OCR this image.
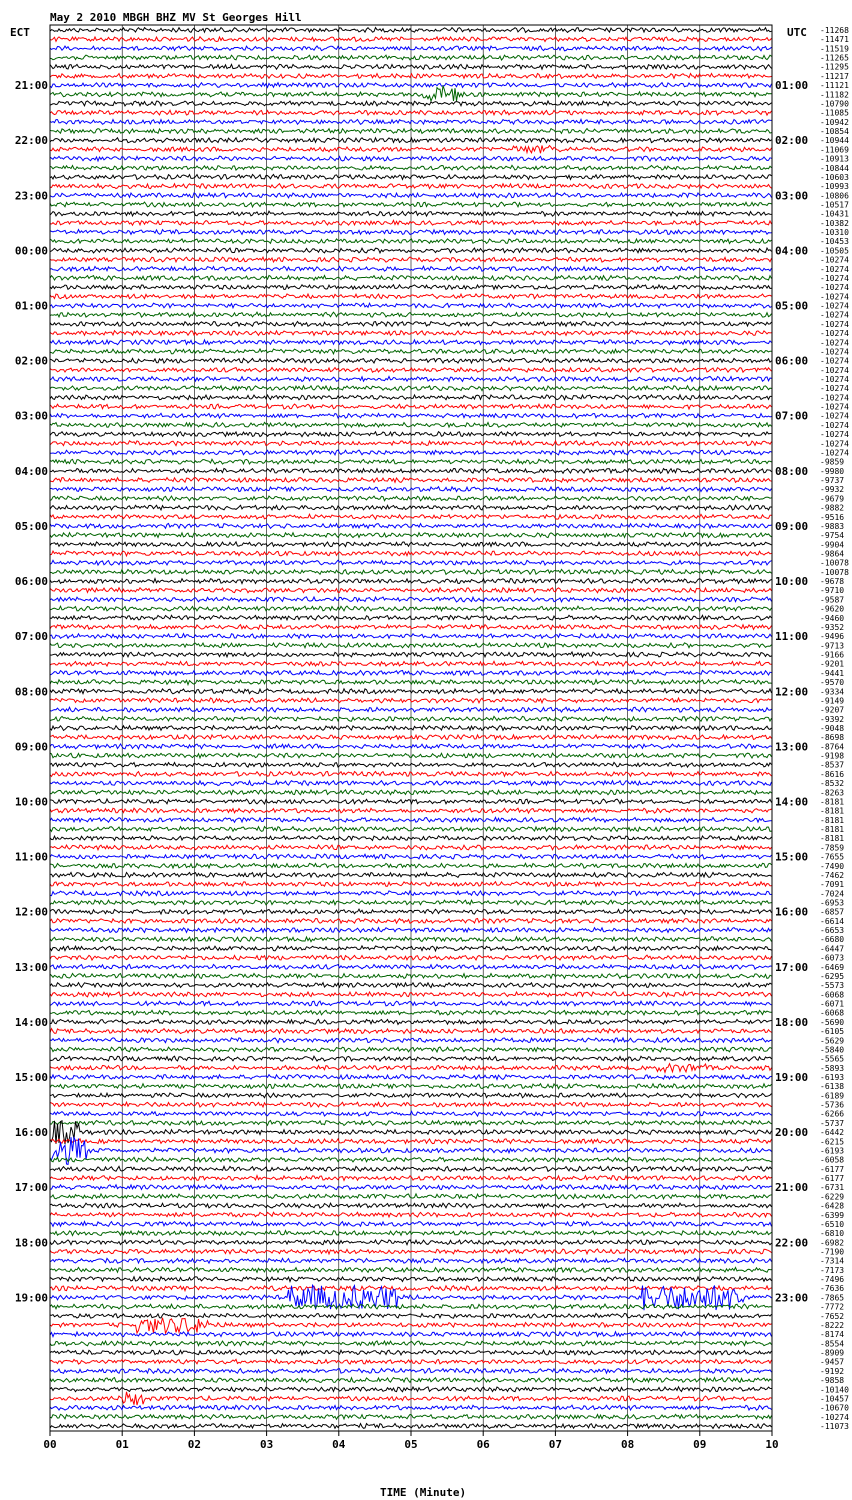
May 2 2010 MBGH BHZ MV St Georges Hill
ECT	UTC
TIME (Minute)
00	01	02	03	04	05	06	07	08	09	10
21:00
22:00
23:00
00:00
01:00
02:00
03:00
04:00
05:00
06:00
07:00
08:00
09:00
10:00
11:00
12:00
13:00
14:00
15:00
16:00
17:00
18:00
19:00
01:00
02:00
03:00
04:00
05:00
06:00
07:00
08:00
09:00
10:00
11:00
12:00
13:00
14:00
15:00
16:00
17:00
18:00
19:00
20:00
21:00
22:00
23:00
-11268
-11471
-11519
-11265
-11295
-11217
-11121
-11182
-10790
-11085
-10942
-10854
-10944
-11069
-10913
-10844
-10603
-10993
-10806
-10517
-10431
-10382
-10310
-10453
-10505
-10274
-10274
-10274
-10274
-10274
-10274
-10274
-10274
-10274
-10274
-10274
-10274
-10274
-10274
-10274
-10274
-10274
-10274
-10274
-10274
-10274
-10274
-9859
-9980
-9737
-9932
-9679
-9882
-9516
-9883
-9754
-9904
-9864
-10078
-10078
-9678
-9710
-9587
-9620
-9460
-9352
-9496
-9713
-9166
-9201
-9441
-9570
-9334
-9149
-9207
-9392
-9048
-8698
-8764
-9198
-8537
-8616
-8532
-8263
-8181
-8181
-8181
-8181
-8181
-7859
-7655
-7490
-7462
-7091
-7024
-6953
-6857
-6614
-6653
-6680
-6447
-6073
-6469
-6295
-5573
-6068
-6071
-6068
-5690
-6105
-5629
-5840
-5565
-5893
-6193
-6138
-6189
-5736
-6266
-5737
-6442
-6215
-6193
-6058
-6177
-6177
-6731
-6229
-6428
-6399
-6510
-6810
-6982
-7190
-7314
-7173
-7496
-7636
-7865
-7772
-7652
-8222
-8174
-8554
-8909
-9457
-9192
-9858
-10140
-10457
-10670
-10274
-11073
